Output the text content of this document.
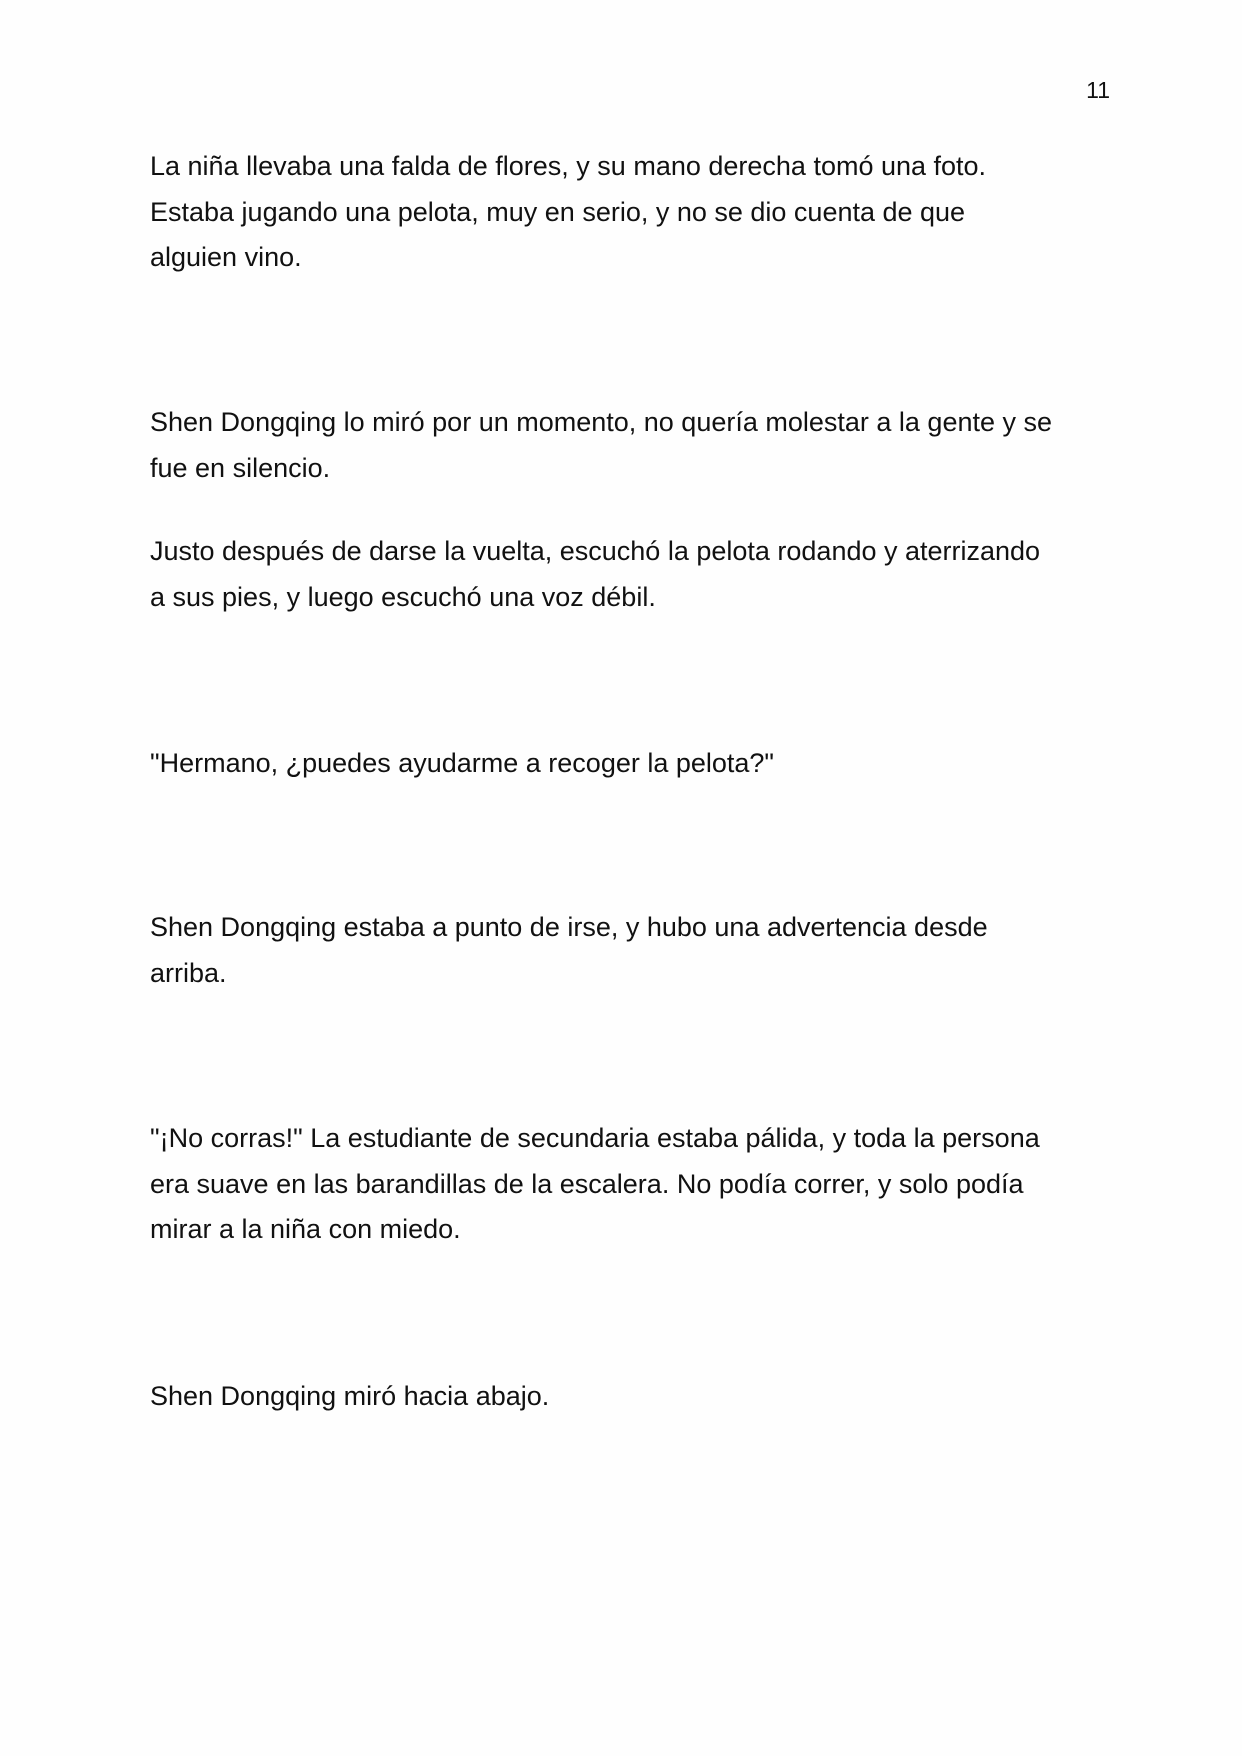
11

La niña llevaba una falda de flores, y su mano derecha tomó una foto.
Estaba jugando una pelota, muy en serio, y no se dio cuenta de que
alguien vino.

Shen Dongqing lo miró por un momento, no quería molestar a la gente y se
fue en silencio.

Justo después de darse la vuelta, escuchó la pelota rodando y aterrizando
a sus pies, y luego escuchó una voz débil.

"Hermano, ¿puedes ayudarme a recoger la pelota?"

Shen Dongqing estaba a punto de irse, y hubo una advertencia desde
arriba.

"¡No corras!" La estudiante de secundaria estaba pálida, y toda la persona
era suave en las barandillas de la escalera. No podía correr, y solo podía
mirar a la niña con miedo.

Shen Dongqing miró hacia abajo.
